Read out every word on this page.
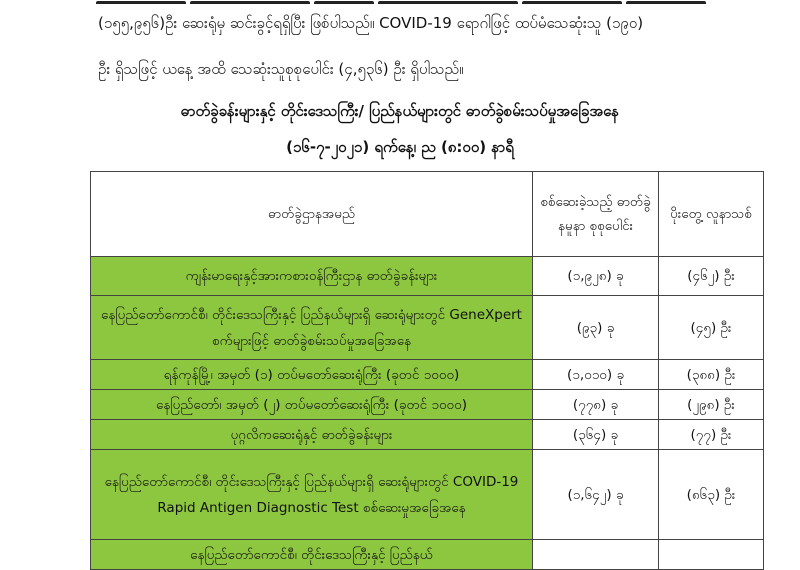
(၁၅၅,၉၅၆)ဦး ဆေးရုံမှ ဆင်းခွင့်ရရှိပြီး ဖြစ်ပါသည်။ COVID-19 ရောဂါဖြင့် ထပ်မံသေဆုံးသူ (၁၉၀)
ဦး ရှိသဖြင့် ယနေ့ အထိ သေဆုံးသူစုစုပေါင်း (၄,၅၃၆) ဦး ရှိပါသည်။
ဓာတ်ခွဲခန်းများနှင့် တိုင်းဒေသကြီး/ ပြည်နယ်များတွင် ဓာတ်ခွဲစမ်းသပ်မှုအခြေအနေ
(၁၆-၇-၂၀၂၁) ရက်နေ့၊ ည (၈:၀၀) နာရီ
ဓာတ်ခွဲဌာနအမည်	စစ်ဆေးခဲ့သည့် ဓာတ်ခွဲနမူနာ စုစုပေါင်း	ပိုးတွေ့ လူနာသစ်
ကျန်းမာရေးနှင့်အားကစားဝန်ကြီးဌာန ဓာတ်ခွဲခန်းများ	(၁,၉၂၈) ခု	(၄၆၂) ဦး
နေပြည်တော်ကောင်စီ၊ တိုင်းဒေသကြီးနှင့် ပြည်နယ်များရှိ ဆေးရုံများတွင် GeneXpert စက်များဖြင့် ဓာတ်ခွဲစမ်းသပ်မှုအခြေအနေ	(၉၃) ခု	(၄၅) ဦး
ရန်ကုန်မြို့၊ အမှတ် (၁) တပ်မတော်ဆေးရုံကြီး (ခုတင် ၁၀၀၀)	(၁,၀၁၀) ခု	(၃၈၈) ဦး
နေပြည်တော်၊ အမှတ် (၂) တပ်မတော်ဆေးရုံကြီး (ခုတင် ၁၀၀၀)	(၇၇၈) ခု	(၂၉၈) ဦး
ပုဂ္ဂလိကဆေးရုံနှင့် ဓာတ်ခွဲခန်းများ	(၃၆၄) ခု	(၇၇) ဦး
နေပြည်တော်ကောင်စီ၊ တိုင်းဒေသကြီးနှင့် ပြည်နယ်များရှိ ဆေးရုံများတွင် COVID-19 Rapid Antigen Diagnostic Test စစ်ဆေးမှုအခြေအနေ	(၁,၆၄၂) ခု	(၈၆၃) ဦး
နေပြည်တော်ကောင်စီ၊ တိုင်းဒေသကြီးနှင့် ပြည်နယ်		
